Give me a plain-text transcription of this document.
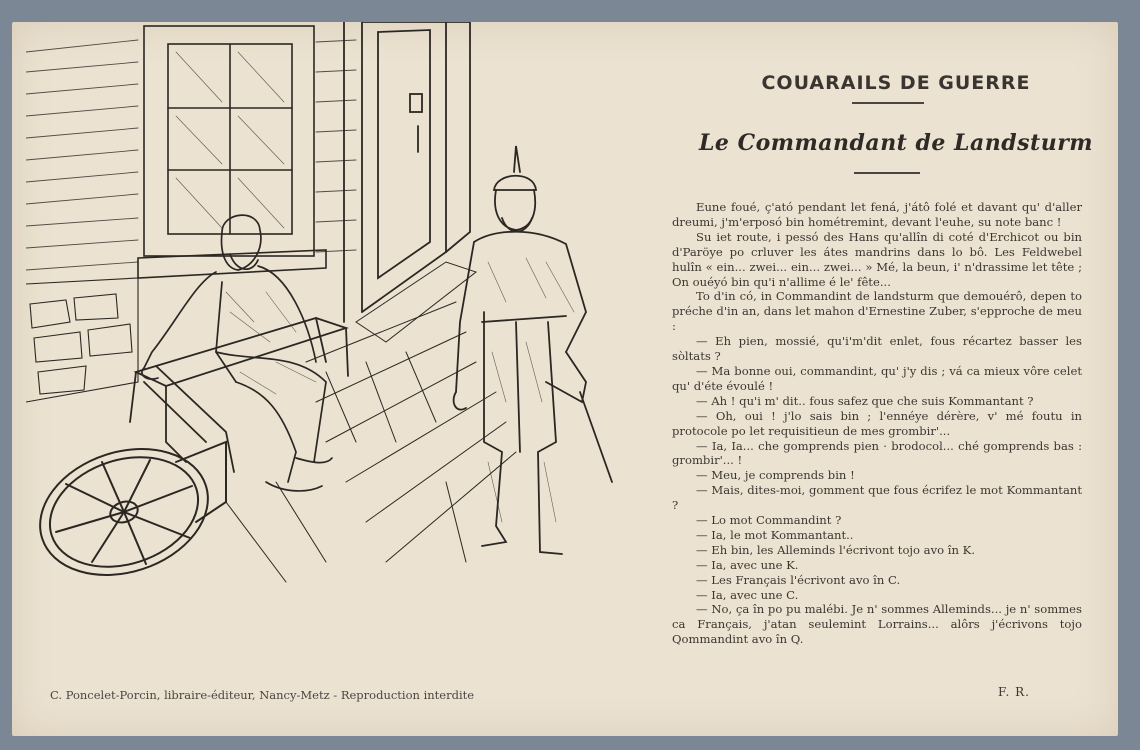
COUARAILS DE GUERRE
Le Commandant de Landsturm

Eune foué, ç'ató pendant let fená, j'átô folé et davant qu' d'aller dreumi, j'm'erposó bin hométremint, devant l'euhe, su note banc !

Su iet route, i pessó des Hans qu'allîn di coté d'Erchicot ou bin d'Paröye po crluver les átes mandrins dans lo bô. Les Feldwebel hulîn « ein... zwei... ein... zwei... » Mé, la beun, i' n'drassime let tête ; On ouéyó bin qu'i n'allime é le' fête...

To d'in có, in Commandint de landsturm que demouérô, depen to préche d'in an, dans let mahon d'Ernestine Zuber, s'epproche de meu :

— Eh pien, mossié, qu'i'm'dit enlet, fous récartez basser les sòltats ?

— Ma bonne oui, commandint, qu' j'y dis ; vá ca mieux vôre celet qu' d'éte évoulé !

— Ah ! qu'i m' dit.. fous safez que che suis Kommantant ?

— Oh, oui ! j'lo sais bin ; l'ennéye dérère, v' mé foutu in protocole po let requisitieun de mes grombir'...

— Ia, Ia... che gomprends pien · brodocol... ché gomprends bas : grombir'... !

— Meu, je comprends bin !

— Mais, dites-moi, gomment que fous écrifez le mot Kommantant ?

— Lo mot Commandint ?

— Ia, le mot Kommantant..

— Eh bin, les Alleminds l'écrivont tojo avo în K.

— Ia, avec une K.

— Les Français l'écrivont avo în C.

— Ia, avec une C.

— No, ça în po pu malébi. Je n' sommes Alleminds... je n' sommes ca Français, j'atan seulemint Lorrains... alôrs j'écrivons tojo Qommandint avo în Q.

F. R.
C. Poncelet-Porcin, libraire-éditeur, Nancy-Metz - Reproduction interdite
